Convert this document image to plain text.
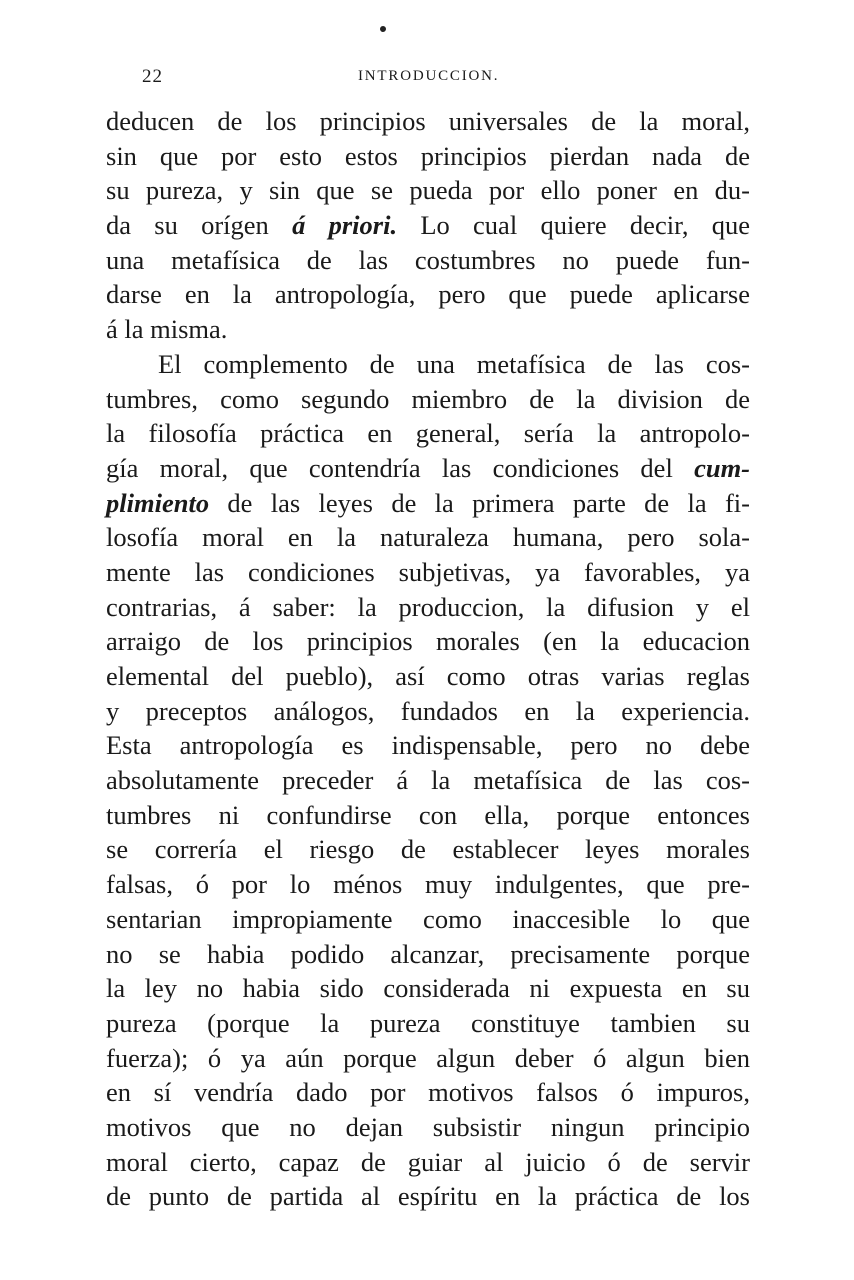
22	INTRODUCCION.
deducen de los principios universales de la moral,
sin que por esto estos principios pierdan nada de
su pureza, y sin que se pueda por ello poner en du-
da su orígen á priori. Lo cual quiere decir, que
una metafísica de las costumbres no puede fun-
darse en la antropología, pero que puede aplicarse
á la misma.
El complemento de una metafísica de las cos-
tumbres, como segundo miembro de la division de
la filosofía práctica en general, sería la antropolo-
gía moral, que contendría las condiciones del cum-
plimiento de las leyes de la primera parte de la fi-
losofía moral en la naturaleza humana, pero sola-
mente las condiciones subjetivas, ya favorables, ya
contrarias, á saber: la produccion, la difusion y el
arraigo de los principios morales (en la educacion
elemental del pueblo), así como otras varias reglas
y preceptos análogos, fundados en la experiencia.
Esta antropología es indispensable, pero no debe
absolutamente preceder á la metafísica de las cos-
tumbres ni confundirse con ella, porque entonces
se correría el riesgo de establecer leyes morales
falsas, ó por lo ménos muy indulgentes, que pre-
sentarian impropiamente como inaccesible lo que
no se habia podido alcanzar, precisamente porque
la ley no habia sido considerada ni expuesta en su
pureza (porque la pureza constituye tambien su
fuerza); ó ya aún porque algun deber ó algun bien
en sí vendría dado por motivos falsos ó impuros,
motivos que no dejan subsistir ningun principio
moral cierto, capaz de guiar al juicio ó de servir
de punto de partida al espíritu en la práctica de los
